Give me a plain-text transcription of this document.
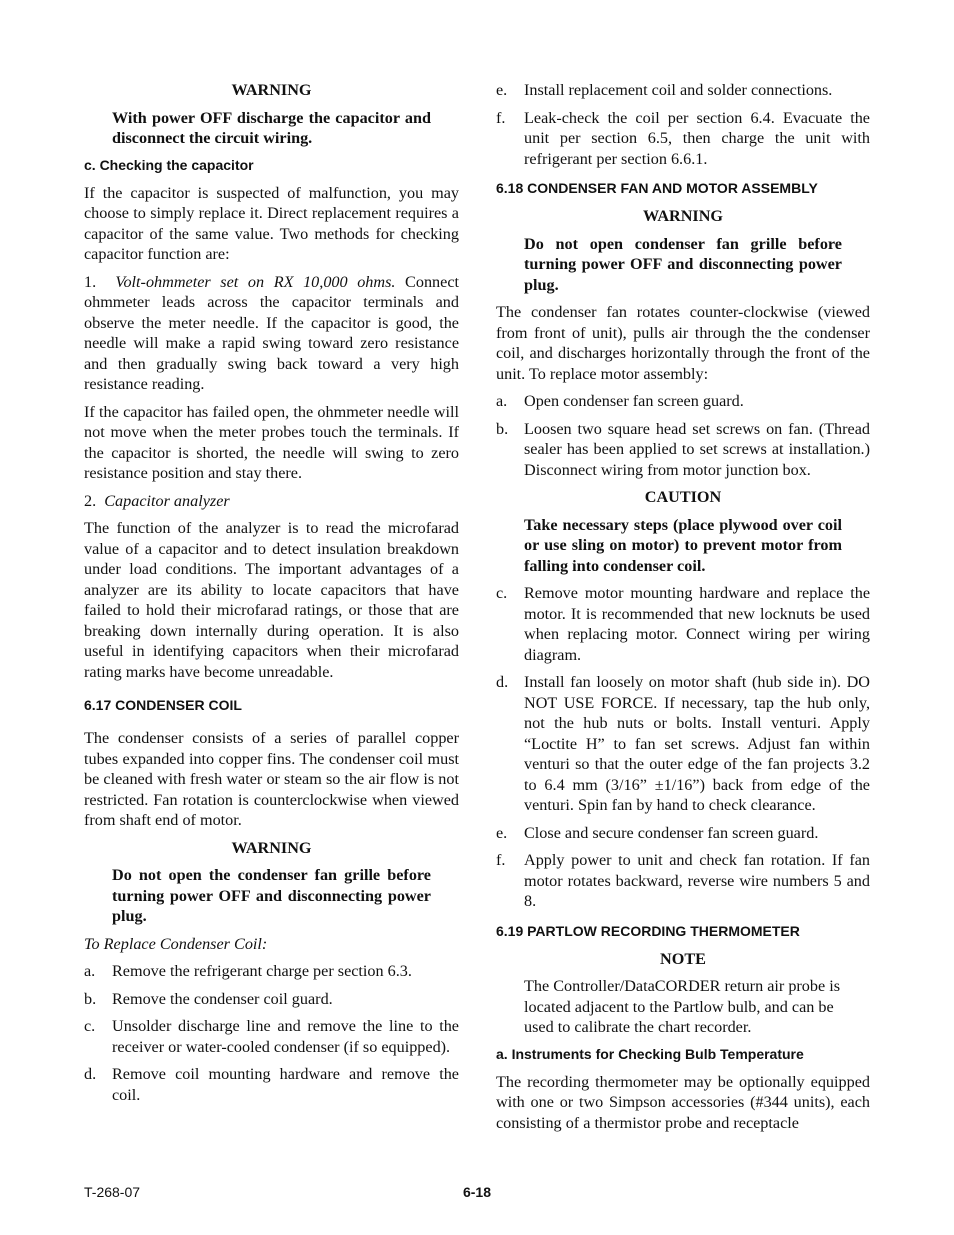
WARNING
With power OFF discharge the capacitor and disconnect the circuit wiring.
c. Checking the capacitor

If the capacitor is suspected of malfunction, you may choose to simply replace it. Direct replacement requires a capacitor of the same value. Two methods for checking capacitor function are:

1. Volt-ohmmeter set on RX 10,000 ohms. Connect ohmmeter leads across the capacitor terminals and observe the meter needle. If the capacitor is good, the needle will make a rapid swing toward zero resistance and then gradually swing back toward a very high resistance reading.

If the capacitor has failed open, the ohmmeter needle will not move when the meter probes touch the terminals. If the capacitor is shorted, the needle will swing to zero resistance position and stay there.

2. Capacitor analyzer

The function of the analyzer is to read the microfarad value of a capacitor and to detect insulation breakdown under load conditions. The important advantages of a analyzer are its ability to locate capacitors that have failed to hold their microfarad ratings, or those that are breaking down internally during operation. It is also useful in identifying capacitors when their microfarad rating marks have become unreadable.

6.17 CONDENSER COIL

The condenser consists of a series of parallel copper tubes expanded into copper fins. The condenser coil must be cleaned with fresh water or steam so the air flow is not restricted. Fan rotation is counterclockwise when viewed from shaft end of motor.

WARNING
Do not open the condenser fan grille before turning power OFF and disconnecting power plug.

To Replace Condenser Coil:

a.	Remove the refrigerant charge per section 6.3.
b. Remove the condenser coil guard.
c.	Unsolder discharge line and remove the line to the receiver or water-cooled condenser (if so equipped).
d. Remove coil mounting hardware and remove the coil.
e.	Install replacement coil and solder connections.
f.	Leak-check the coil per section 6.4. Evacuate the unit per section 6.5, then charge the unit with refrigerant per section 6.6.1.
6.18 CONDENSER FAN AND MOTOR ASSEMBLY
WARNING
Do not open condenser fan grille before turning power OFF and disconnecting power plug.

The condenser fan rotates counter-clockwise (viewed from front of unit), pulls air through the the condenser coil, and discharges horizontally through the front of the unit. To replace motor assembly:

a.	Open condenser fan screen guard.
b. Loosen two square head set screws on fan. (Thread sealer has been applied to set screws at installation.) Disconnect wiring from motor junction box.
CAUTION
Take necessary steps (place plywood over coil or use sling on motor) to prevent motor from falling into condenser coil.
c.	Remove motor mounting hardware and replace the motor. It is recommended that new locknuts be used when replacing motor. Connect wiring per wiring diagram.
d. Install fan loosely on motor shaft (hub side in). DO NOT USE FORCE. If necessary, tap the hub only, not the hub nuts or bolts. Install venturi. Apply “Loctite H” to fan set screws. Adjust fan within venturi so that the outer edge of the fan projects 3.2 to 6.4 mm (3/16” ±1/16”) back from edge of the venturi. Spin fan by hand to check clearance.
e.	Close and secure condenser fan screen guard.
f.	Apply power to unit and check fan rotation. If fan motor rotates backward, reverse wire numbers 5 and 8.
6.19 PARTLOW RECORDING THERMOMETER
NOTE
The Controller/DataCORDER return air probe is located adjacent to the Partlow bulb, and can be used to calibrate the chart recorder.
a. Instruments for Checking Bulb Temperature

The recording thermometer may be optionally equipped with one or two Simpson accessories (#344 units), each consisting of a thermistor probe and receptacle

T-268-07	6-18
